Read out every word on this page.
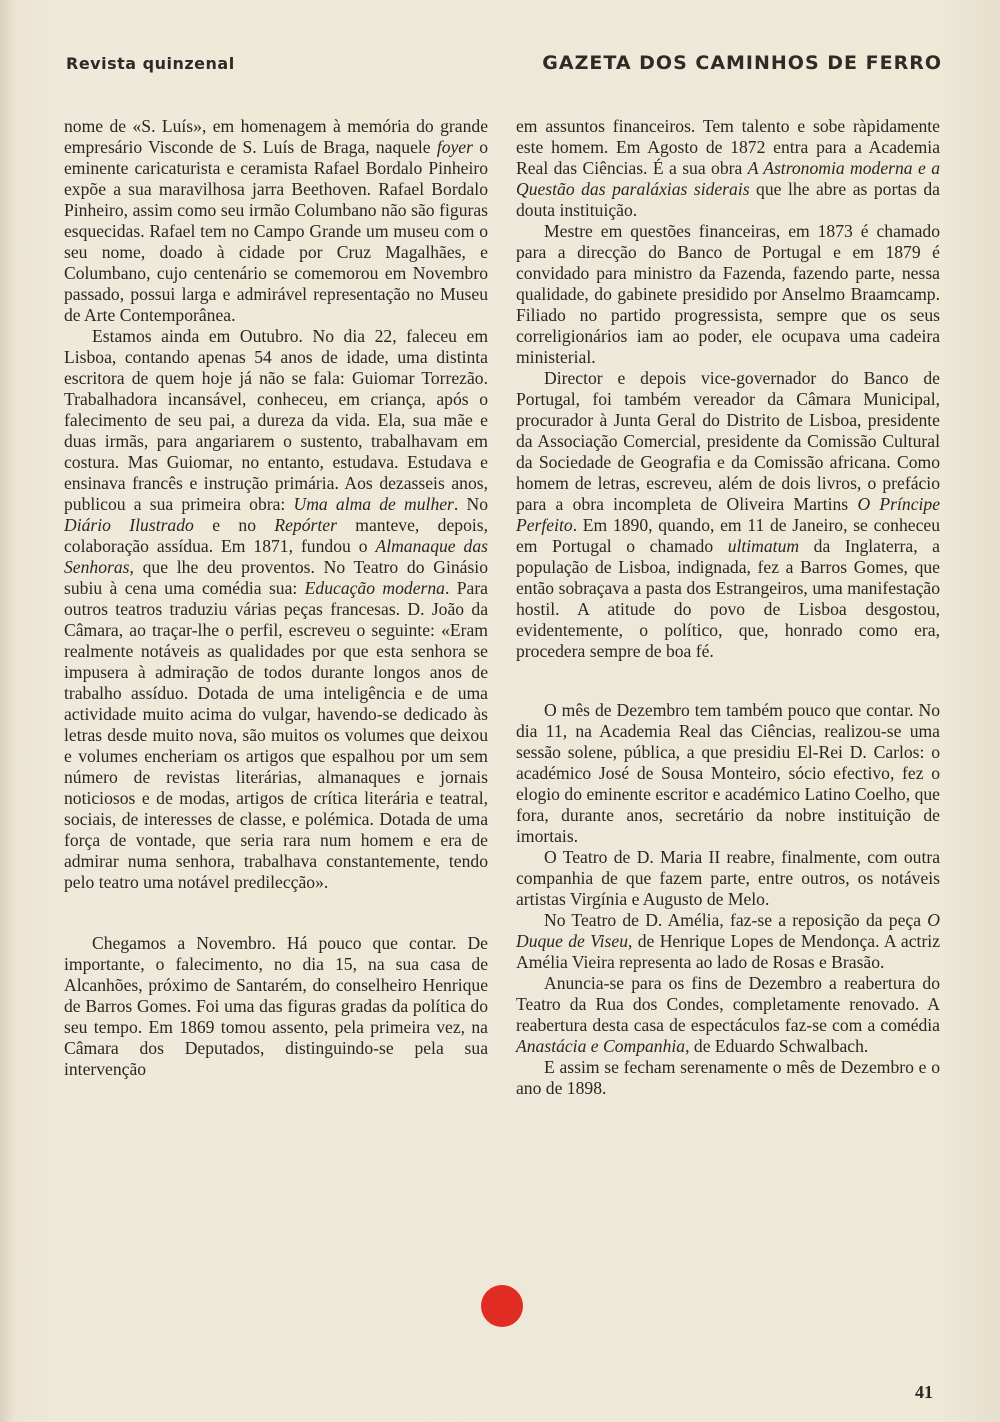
Revista quinzenal	GAZETA DOS CAMINHOS DE FERRO

nome de «S. Luís», em homenagem à memória do grande empresário Visconde de S. Luís de Braga, naquele foyer o eminente caricaturista e ceramista Rafael Bordalo Pinheiro expõe a sua maravilhosa jarra Beethoven. Rafael Bordalo Pinheiro, assim como seu irmão Columbano não são figuras esquecidas. Rafael tem no Campo Grande um museu com o seu nome, doado à cidade por Cruz Magalhães, e Columbano, cujo centenário se comemorou em Novembro passado, possui larga e admirável representação no Museu de Arte Contemporânea.

Estamos ainda em Outubro. No dia 22, faleceu em Lisboa, contando apenas 54 anos de idade, uma distinta escritora de quem hoje já não se fala: Guiomar Torrezão. Trabalhadora incansável, conheceu, em criança, após o falecimento de seu pai, a dureza da vida. Ela, sua mãe e duas irmãs, para angariarem o sustento, trabalhavam em costura. Mas Guiomar, no entanto, estudava. Estudava e ensinava francês e instrução primária. Aos dezasseis anos, publicou a sua primeira obra: Uma alma de mulher. No Diário Ilustrado e no Repórter manteve, depois, colaboração assídua. Em 1871, fundou o Almanaque das Senhoras, que lhe deu proventos. No Teatro do Ginásio subiu à cena uma comédia sua: Educação moderna. Para outros teatros traduziu várias peças francesas. D. João da Câmara, ao traçar-lhe o perfil, escreveu o seguinte: «Eram realmente notáveis as qualidades por que esta senhora se impusera à admiração de todos durante longos anos de trabalho assíduo. Dotada de uma inteligência e de uma actividade muito acima do vulgar, havendo-se dedicado às letras desde muito nova, são muitos os volumes que deixou e volumes encheriam os artigos que espalhou por um sem número de revistas literárias, almanaques e jornais noticiosos e de modas, artigos de crítica literária e teatral, sociais, de interesses de classe, e polémica. Dotada de uma força de vontade, que seria rara num homem e era de admirar numa senhora, trabalhava constantemente, tendo pelo teatro uma notável predilecção».

Chegamos a Novembro. Há pouco que contar. De importante, o falecimento, no dia 15, na sua casa de Alcanhões, próximo de Santarém, do conselheiro Henrique de Barros Gomes. Foi uma das figuras gradas da política do seu tempo. Em 1869 tomou assento, pela primeira vez, na Câmara dos Deputados, distinguindo-se pela sua intervenção

em assuntos financeiros. Tem talento e sobe ràpidamente este homem. Em Agosto de 1872 entra para a Academia Real das Ciências. É a sua obra A Astronomia moderna e a Questão das paraláxias siderais que lhe abre as portas da douta instituição.

Mestre em questões financeiras, em 1873 é chamado para a direcção do Banco de Portugal e em 1879 é convidado para ministro da Fazenda, fazendo parte, nessa qualidade, do gabinete presidido por Anselmo Braamcamp. Filiado no partido progressista, sempre que os seus correligionários iam ao poder, ele ocupava uma cadeira ministerial.

Director e depois vice-governador do Banco de Portugal, foi também vereador da Câmara Municipal, procurador à Junta Geral do Distrito de Lisboa, presidente da Associação Comercial, presidente da Comissão Cultural da Sociedade de Geografia e da Comissão africana. Como homem de letras, escreveu, além de dois livros, o prefácio para a obra incompleta de Oliveira Martins O Príncipe Perfeito. Em 1890, quando, em 11 de Janeiro, se conheceu em Portugal o chamado ultimatum da Inglaterra, a população de Lisboa, indignada, fez a Barros Gomes, que então sobraçava a pasta dos Estrangeiros, uma manifestação hostil. A atitude do povo de Lisboa desgostou, evidentemente, o político, que, honrado como era, procedera sempre de boa fé.

O mês de Dezembro tem também pouco que contar. No dia 11, na Academia Real das Ciências, realizou-se uma sessão solene, pública, a que presidiu El-Rei D. Carlos: o académico José de Sousa Monteiro, sócio efectivo, fez o elogio do eminente escritor e académico Latino Coelho, que fora, durante anos, secretário da nobre instituição de imortais.

O Teatro de D. Maria II reabre, finalmente, com outra companhia de que fazem parte, entre outros, os notáveis artistas Virgínia e Augusto de Melo.

No Teatro de D. Amélia, faz-se a reposição da peça O Duque de Viseu, de Henrique Lopes de Mendonça. A actriz Amélia Vieira representa ao lado de Rosas e Brasão.

Anuncia-se para os fins de Dezembro a reabertura do Teatro da Rua dos Condes, completamente renovado. A reabertura desta casa de espectáculos faz-se com a comédia Anastácia e Companhia, de Eduardo Schwalbach.

E assim se fecham serenamente o mês de Dezembro e o ano de 1898.

41
